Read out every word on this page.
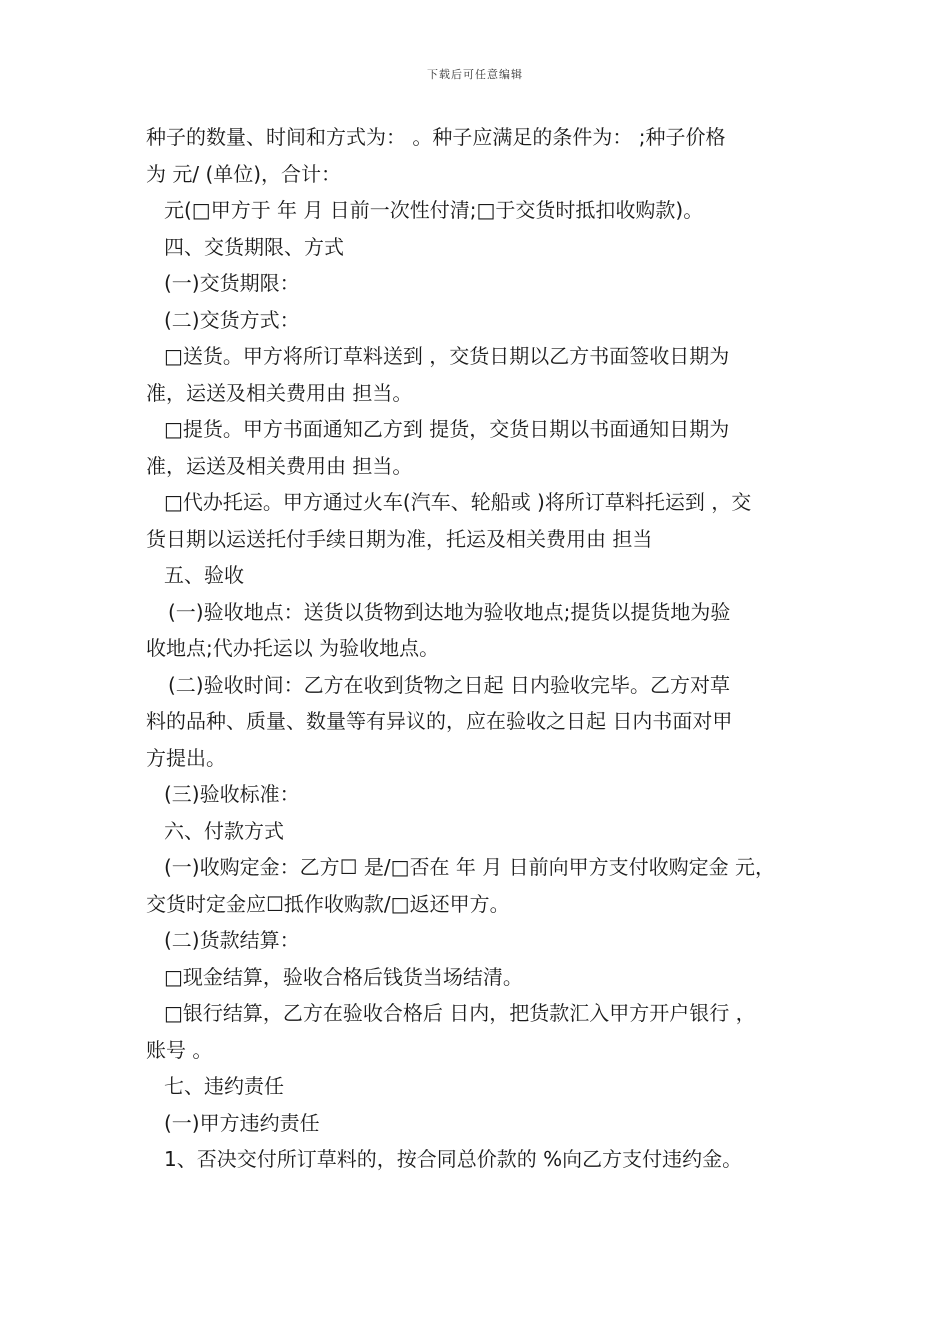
下载后可任意编辑
种子的数量、时间和方式为： 。种子应满足的条件为： ;种子价格
为 元/ (单位)，合计：
元(□甲方于 年 月 日前一次性付清;□于交货时抵扣收购款)。
四、交货期限、方式
(一)交货期限：
(二)交货方式：
□送货。甲方将所订草料送到 ，交货日期以乙方书面签收日期为
准，运送及相关费用由 担当。
□提货。甲方书面通知乙方到 提货，交货日期以书面通知日期为
准，运送及相关费用由 担当。
□代办托运。甲方通过火车(汽车、轮船或 )将所订草料托运到 ，交
货日期以运送托付手续日期为准，托运及相关费用由 担当
五、验收
(一)验收地点：送货以货物到达地为验收地点;提货以提货地为验
收地点;代办托运以 为验收地点。
(二)验收时间：乙方在收到货物之日起 日内验收完毕。乙方对草
料的品种、质量、数量等有异议的，应在验收之日起 日内书面对甲
方提出。
(三)验收标准：
六、付款方式
(一)收购定金：乙方☐ 是/□否在 年 月 日前向甲方支付收购定金 元，
交货时定金应☐抵作收购款/□返还甲方。
(二)货款结算：
□现金结算，验收合格后钱货当场结清。
□银行结算，乙方在验收合格后 日内，把货款汇入甲方开户银行 ，
账号 。
七、违约责任
(一)甲方违约责任
1、否决交付所订草料的，按合同总价款的 %向乙方支付违约金。
